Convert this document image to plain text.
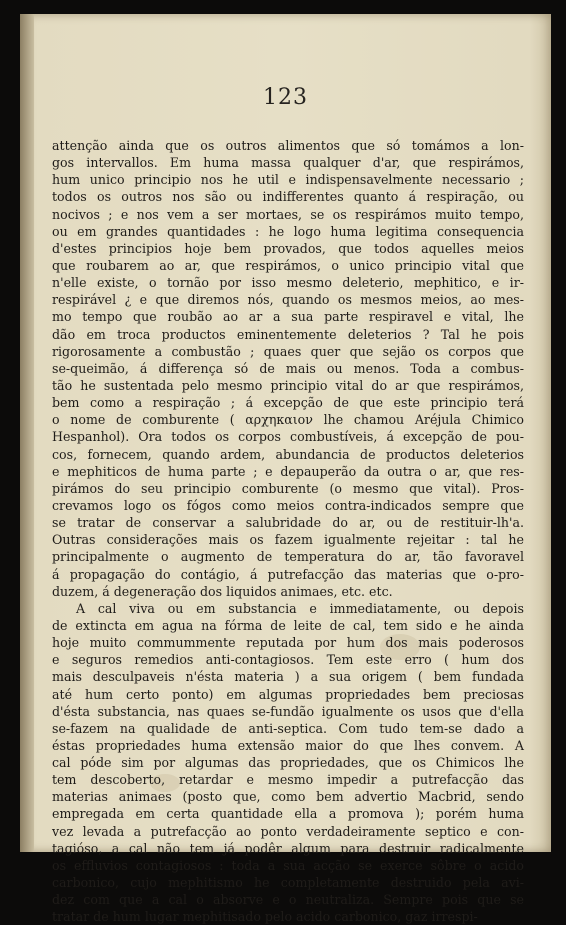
123
attenção ainda que os outros alimentos que só tomámos a lon-
gos intervallos. Em huma massa qualquer d'ar, que respirámos,
hum unico principio nos he util e indispensavelmente necessario ;
todos os outros nos são ou indifferentes quanto á respiração, ou
nocivos ; e nos vem a ser mortaes, se os respirámos muito tempo,
ou em grandes quantidades : he logo huma legitima consequencia
d'estes principios hoje bem provados, que todos aquelles meios
que roubarem ao ar, que respirámos, o unico principio vital que
n'elle existe, o tornão por isso mesmo deleterio, mephitico, e ir-
respirável ¿ e que diremos nós, quando os mesmos meios, ao mes-
mo tempo que roubão ao ar a sua parte respiravel e vital, lhe
dão em troca productos eminentemente deleterios ? Tal he pois
rigorosamente a combustão ; quaes quer que sejão os corpos que
se-queimão, á differença só de mais ou menos. Toda a combus-
tão he sustentada pelo mesmo principio vital do ar que respirámos,
bem como a respiração ; á excepção de que este principio terá
o nome de comburente ( αρχηκαιον lhe chamou Aréjula Chimico
Hespanhol). Ora todos os corpos combustíveis, á excepção de pou-
cos, fornecem, quando ardem, abundancia de productos deleterios
e mephiticos de huma parte ; e depauperão da outra o ar, que res-
pirámos do seu principio comburente (o mesmo que vital). Pros-
crevamos logo os fógos como meios contra-indicados sempre que
se tratar de conservar a salubridade do ar, ou de restituir-lh'a.
Outras considerações mais os fazem igualmente rejeitar : tal he
principalmente o augmento de temperatura do ar, tão favoravel
á propagação do contágio, á putrefacção das materias que o-pro-
duzem, á degeneração dos liquidos animaes, etc. etc.
A cal viva ou em substancia e immediatamente, ou depois
de extincta em agua na fórma de leite de cal, tem sido e he ainda
hoje muito commummente reputada por hum dos mais poderosos
e seguros remedios anti-contagiosos. Tem este erro ( hum dos
mais desculpaveis n'ésta materia ) a sua origem ( bem fundada
até hum certo ponto) em algumas propriedades bem preciosas
d'ésta substancia, nas quaes se-fundão igualmente os usos que d'ella
se-fazem na qualidade de anti-septica. Com tudo tem-se dado a
éstas propriedades huma extensão maior do que lhes convem. A
cal póde sim por algumas das propriedades, que os Chimicos lhe
tem descoberto, retardar e mesmo impedir a putrefacção das
materias animaes (posto que, como bem advertio Macbrid, sendo
empregada em certa quantidade ella a promova ); porém huma
vez levada a putrefacção ao ponto verdadeiramente septico e con-
tagióso, a cal não tem já podêr algum para destruir radicalmente
os effluvios contagiosos : toda a sua acção se exerce sôbre o acido
carbonico, cujo mephitismo he completamente destruido pela avi-
dez com que a cal o absorve e o neutraliza. Sempre pois que se
tratar de hum lugar mephitisado pelo acido carbonico, gaz irrespi-
